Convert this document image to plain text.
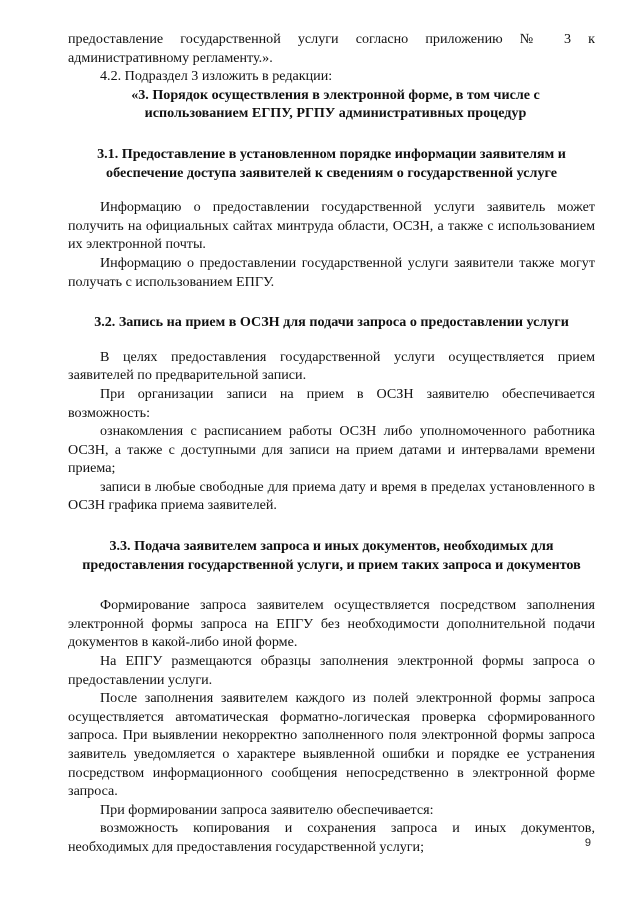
предоставление государственной услуги согласно приложению № 3 к административному регламенту.».

4.2. Подраздел 3 изложить в редакции:

«3. Порядок осуществления в электронной форме, в том числе с использованием ЕГПУ, РГПУ административных процедур

3.1. Предоставление в установленном порядке информации заявителям и обеспечение доступа заявителей к сведениям о государственной услуге

Информацию о предоставлении государственной услуги заявитель может получить на официальных сайтах минтруда области, ОСЗН, а также с использованием их электронной почты.

Информацию о предоставлении государственной услуги заявители также могут получать с использованием ЕПГУ.

3.2. Запись на прием в ОСЗН для подачи запроса о предоставлении услуги

В целях предоставления государственной услуги осуществляется прием заявителей по предварительной записи.

При организации записи на прием в ОСЗН заявителю обеспечивается возможность:

ознакомления с расписанием работы ОСЗН либо уполномоченного работника ОСЗН, а также с доступными для записи на прием датами и интервалами времени приема;

записи в любые свободные для приема дату и время в пределах установленного в ОСЗН графика приема заявителей.

3.3. Подача заявителем запроса и иных документов, необходимых для предоставления государственной услуги, и прием таких запроса и документов

Формирование запроса заявителем осуществляется посредством заполнения электронной формы запроса на ЕПГУ без необходимости дополнительной подачи документов в какой-либо иной форме.

На ЕПГУ размещаются образцы заполнения электронной формы запроса о предоставлении услуги.

После заполнения заявителем каждого из полей электронной формы запроса осуществляется автоматическая форматно-логическая проверка сформированного запроса. При выявлении некорректно заполненного поля электронной формы запроса заявитель уведомляется о характере выявленной ошибки и порядке ее устранения посредством информационного сообщения непосредственно в электронной форме запроса.

При формировании запроса заявителю обеспечивается:

возможность копирования и сохранения запроса и иных документов, необходимых для предоставления государственной услуги;	9
